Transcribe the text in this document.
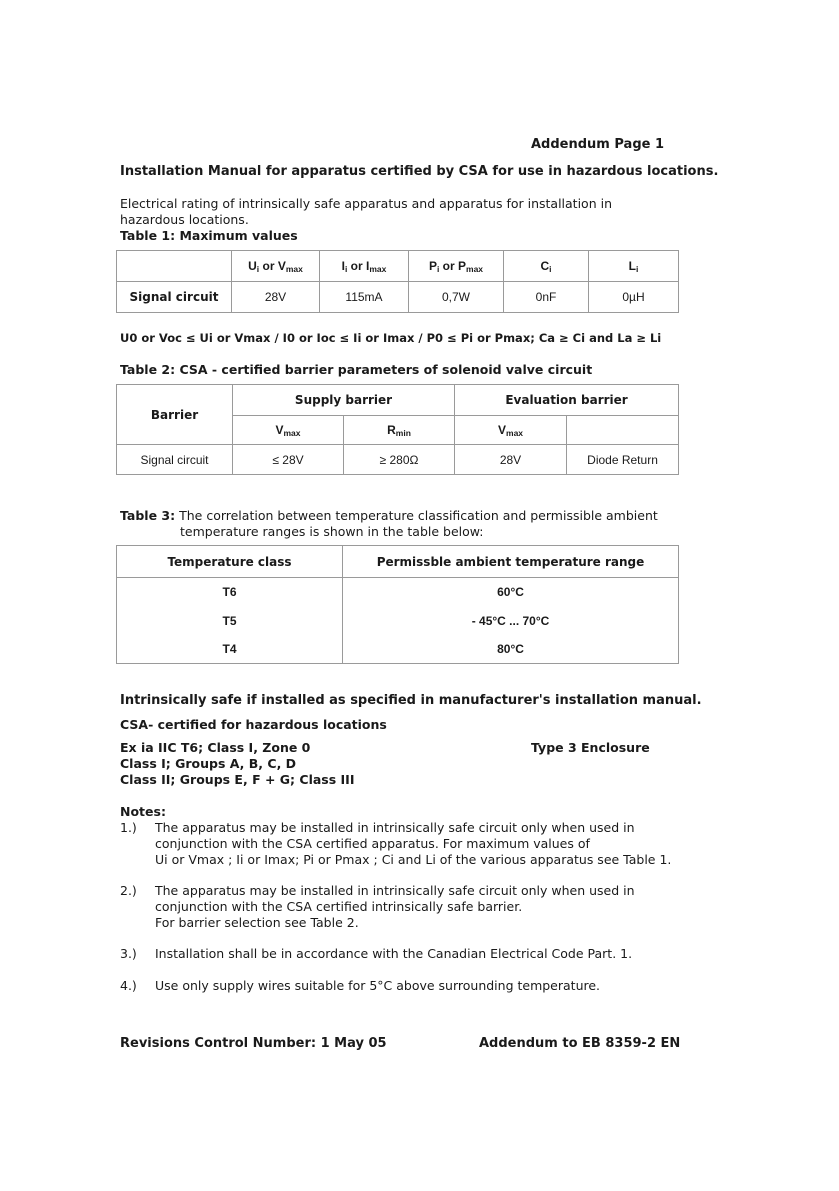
Addendum Page 1
Installation Manual for apparatus certified by CSA for use in hazardous locations.
Electrical rating of intrinsically safe apparatus and apparatus for installation in hazardous locations.
Table 1: Maximum values
	$U_i$ or $V_{max}$	$I_i$ or $I_{max}$	$P_i$ or $P_{max}$	$C_i$	$L_i$
Signal circuit	28V	115mA	0,7W	0nF	0µH
U0 or Voc ≤ Ui or Vmax / I0 or Ioc ≤ Ii or Imax / P0 ≤ Pi or Pmax; Ca ≥ Ci and La ≥ Li
Table 2: CSA - certified barrier parameters of solenoid valve circuit
Barrier	Supply barrier		Evaluation barrier	
	$V_{max}$	$R_{min}$	$V_{max}$	
Signal circuit	≤ 28V	≥ 280Ω	28V	Diode Return
Table 3: The correlation between temperature classification and permissible ambient
temperature ranges is shown in the table below:
Temperature class	Permissble ambient temperature range
T6	60°C
T5	- 45°C ... 70°C
T4	80°C
Intrinsically safe if installed as specified in manufacturer's installation manual.
CSA- certified for hazardous locations
Ex ia IIC T6; Class I, Zone 0
Class I; Groups A, B, C, D
Class II; Groups E, F + G; Class III
Type 3 Enclosure
Notes:
1.) The apparatus may be installed in intrinsically safe circuit only when used in
conjunction with the CSA certified apparatus. For maximum values of
Ui or Vmax ; Ii or Imax; Pi or Pmax ; Ci and Li of the various apparatus see Table 1.
2.) The apparatus may be installed in intrinsically safe circuit only when used in
conjunction with the CSA certified intrinsically safe barrier.
For barrier selection see Table 2.
3.) Installation shall be in accordance with the Canadian Electrical Code Part. 1.
4.) Use only supply wires suitable for 5°C above surrounding temperature.
Revisions Control Number: 1 May 05	Addendum to EB 8359-2 EN
